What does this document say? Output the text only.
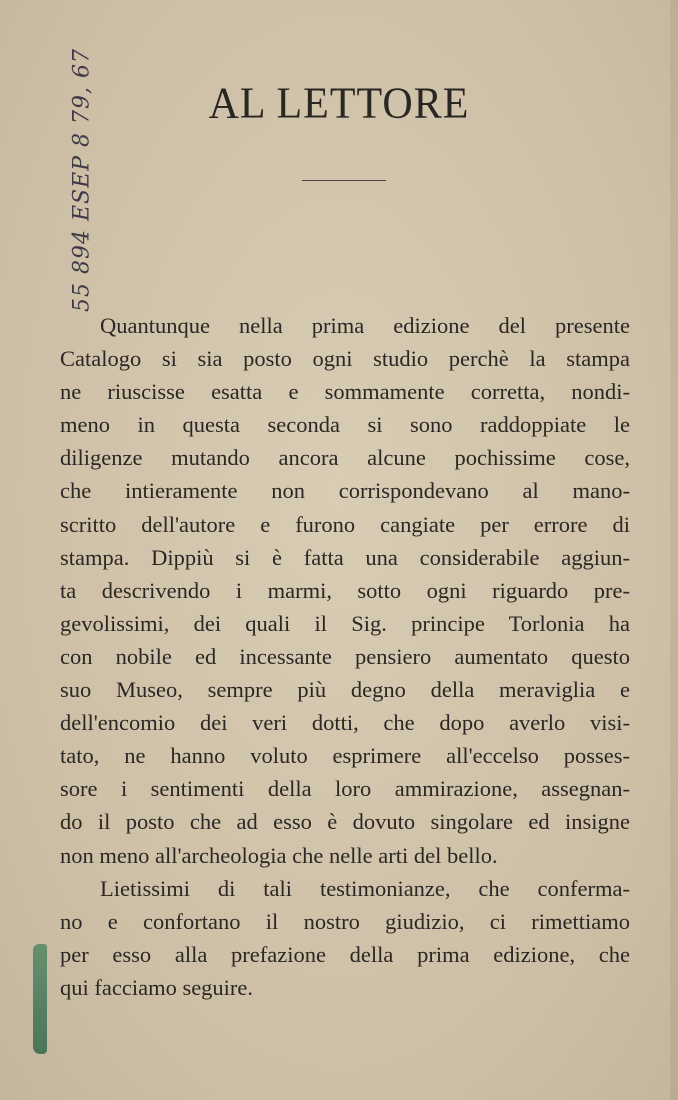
55 894 ESEP 8 79, 67	AL LETTORE
Quantunque nella prima edizione del presente
Catalogo si sia posto ogni studio perchè la stampa
ne riuscisse esatta e sommamente corretta, nondi-
meno in questa seconda si sono raddoppiate le
diligenze mutando ancora alcune pochissime cose,
che intieramente non corrispondevano al mano-
scritto dell'autore e furono cangiate per errore di
stampa. Dippiù si è fatta una considerabile aggiun-
ta descrivendo i marmi, sotto ogni riguardo pre-
gevolissimi, dei quali il Sig. principe Torlonia ha
con nobile ed incessante pensiero aumentato questo
suo Museo, sempre più degno della meraviglia e
dell'encomio dei veri dotti, che dopo averlo visi-
tato, ne hanno voluto esprimere all'eccelso posses-
sore i sentimenti della loro ammirazione, assegnan-
do il posto che ad esso è dovuto singolare ed insigne
non meno all'archeologia che nelle arti del bello.
Lietissimi di tali testimonianze, che conferma-
no e confortano il nostro giudizio, ci rimettiamo
per esso alla prefazione della prima edizione, che
qui facciamo seguire.
